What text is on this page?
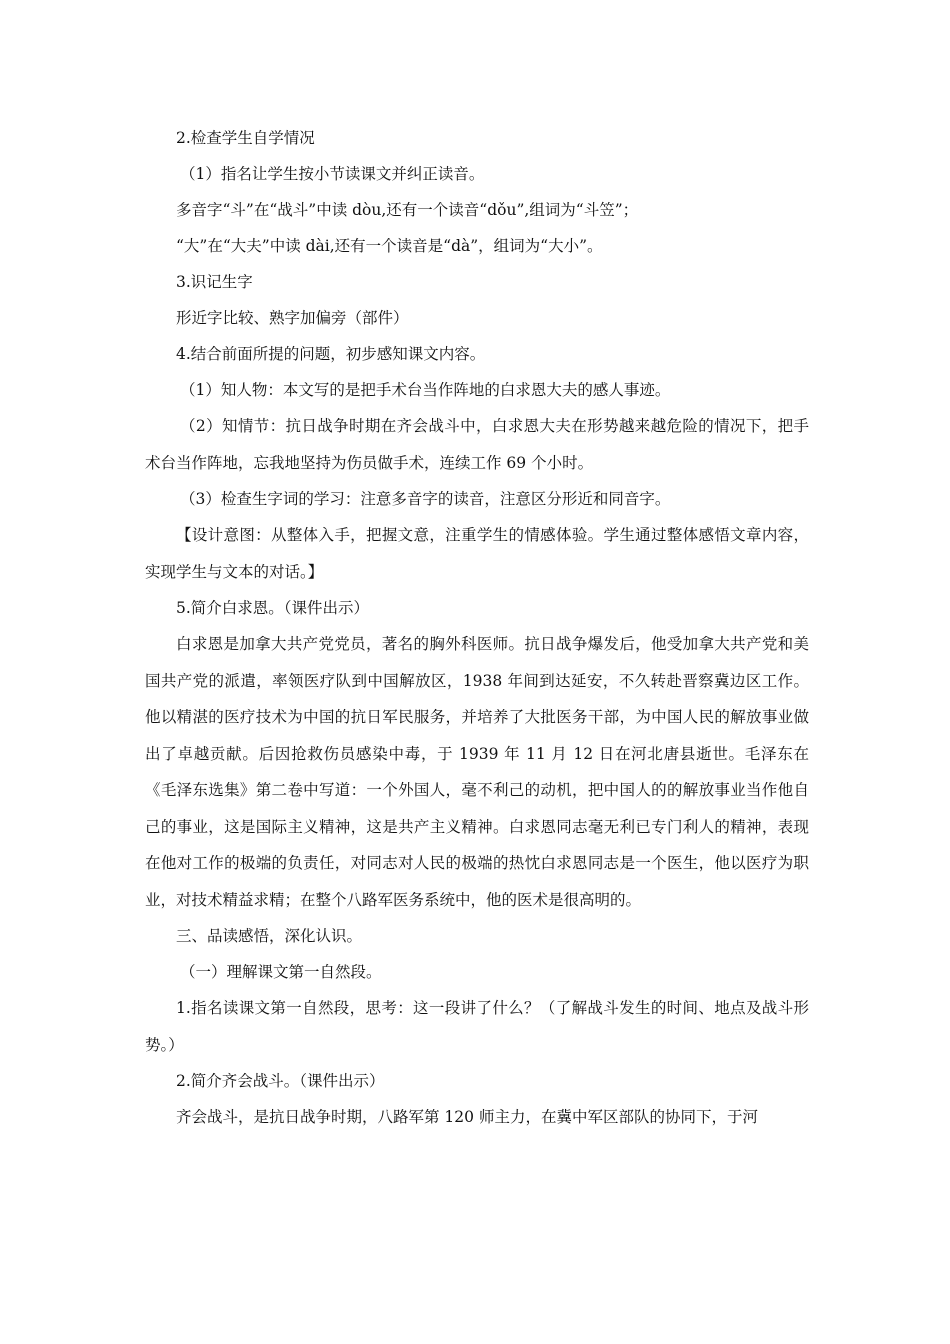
2.检查学生自学情况

（1）指名让学生按小节读课文并纠正读音。

多音字“斗”在“战斗”中读 dòu,还有一个读音“dǒu”,组词为“斗笠”；

“大”在“大夫”中读 dài,还有一个读音是“dà”，组词为“大小”。

3.识记生字

形近字比较、熟字加偏旁（部件）

4.结合前面所提的问题，初步感知课文内容。

（1）知人物：本文写的是把手术台当作阵地的白求恩大夫的感人事迹。

（2）知情节：抗日战争时期在齐会战斗中，白求恩大夫在形势越来越危险的情况下，把手术台当作阵地，忘我地坚持为伤员做手术，连续工作 69 个小时。

（3）检查生字词的学习：注意多音字的读音，注意区分形近和同音字。

【设计意图：从整体入手，把握文意，注重学生的情感体验。学生通过整体感悟文章内容，实现学生与文本的对话。】

5.简介白求恩。（课件出示）

白求恩是加拿大共产党党员，著名的胸外科医师。抗日战争爆发后，他受加拿大共产党和美国共产党的派遣，率领医疗队到中国解放区，1938 年间到达延安，不久转赴晋察冀边区工作。他以精湛的医疗技术为中国的抗日军民服务，并培养了大批医务干部，为中国人民的解放事业做出了卓越贡献。后因抢救伤员感染中毒，于 1939 年 11 月 12 日在河北唐县逝世。毛泽东在《毛泽东选集》第二卷中写道：一个外国人，毫不利己的动机，把中国人的的解放事业当作他自己的事业，这是国际主义精神，这是共产主义精神。白求恩同志毫无利已专门利人的精神，表现在他对工作的极端的负责任，对同志对人民的极端的热忱白求恩同志是一个医生，他以医疗为职业，对技术精益求精；在整个八路军医务系统中，他的医术是很高明的。

三、品读感悟，深化认识。

（一）理解课文第一自然段。

1.指名读课文第一自然段，思考：这一段讲了什么？（了解战斗发生的时间、地点及战斗形势。）

2.简介齐会战斗。（课件出示）

齐会战斗，是抗日战争时期，八路军第 120 师主力，在冀中军区部队的协同下，于河
